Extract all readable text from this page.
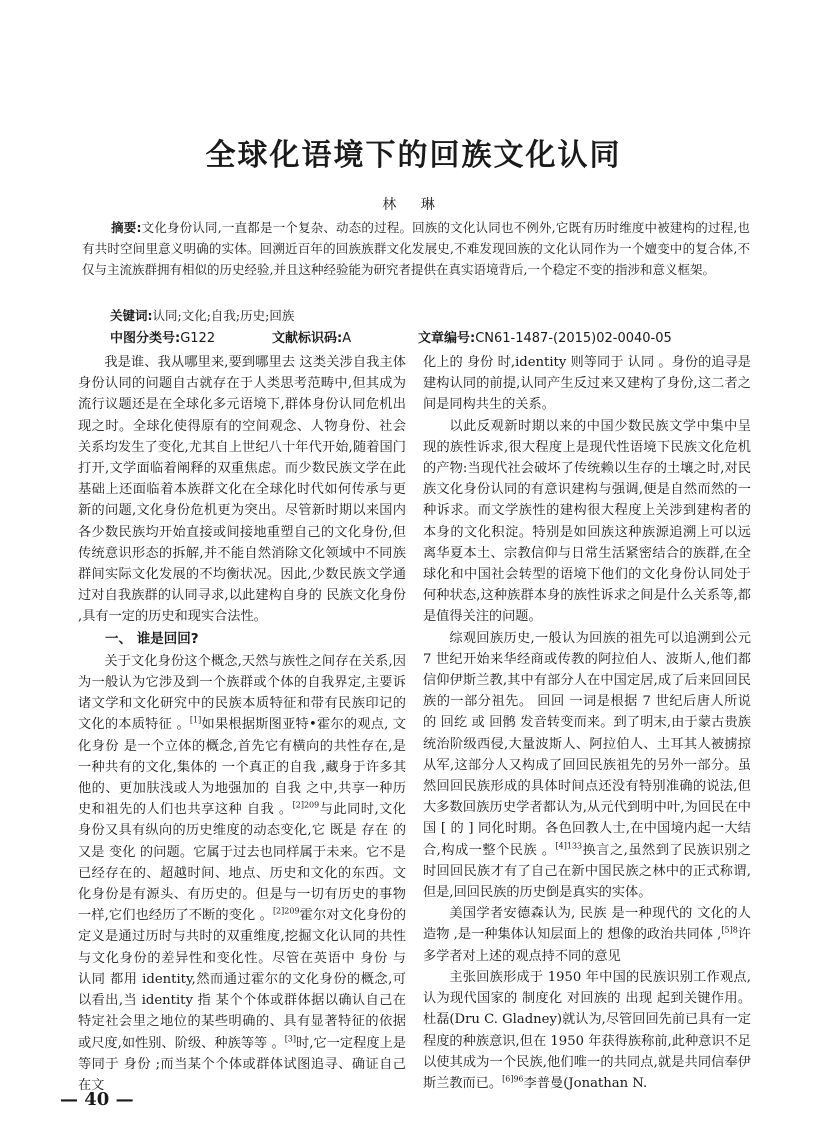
全球化语境下的回族文化认同
林 琳
摘要:文化身份认同,一直都是一个复杂、动态的过程。回族的文化认同也不例外,它既有历时维度中被建构的过程,也有共时空间里意义明确的实体。回溯近百年的回族族群文化发展史,不难发现回族的文化认同作为一个嬗变中的复合体,不仅与主流族群拥有相似的历史经验,并且这种经验能为研究者提供在真实语境背后,一个稳定不变的指涉和意义框架。
关键词:认同;文化;自我;历史;回族
中图分类号:G122	文献标识码:A	文章编号:CN61-1487-(2015)02-0040-05

我是谁、我从哪里来,要到哪里去 这类关涉自我主体身份认同的问题自古就存在于人类思考范畴中,但其成为流行议题还是在全球化多元语境下,群体身份认同危机出现之时。全球化使得原有的空间观念、人物身份、社会关系均发生了变化,尤其自上世纪八十年代开始,随着国门打开,文学面临着阐释的双重焦虑。而少数民族文学在此基础上还面临着本族群文化在全球化时代如何传承与更新的问题,文化身份危机更为突出。尽管新时期以来国内各少数民族均开始直接或间接地重塑自己的文化身份,但传统意识形态的拆解,并不能自然消除文化领域中不同族群间实际文化发展的不均衡状况。因此,少数民族文学通过对自我族群的认同寻求,以此建构自身的 民族文化身份 ,具有一定的历史和现实合法性。

一、 谁是回回?

关于文化身份这个概念,天然与族性之间存在关系,因为一般认为它涉及到一个族群或个体的自我界定,主要诉诸文学和文化研究中的民族本质特征和带有民族印记的文化的本质特征 。[1]如果根据斯图亚特•霍尔的观点, 文化身份 是一个立体的概念,首先它有横向的共性存在,是 一种共有的文化,集体的 一个真正的自我 ,藏身于许多其他的、更加肤浅或人为地强加的 自我 之中,共享一种历史和祖先的人们也共享这种 自我 。$^{[2]209}$与此同时,文化身份又具有纵向的历史维度的动态变化,它 既是 存在 的又是 变化 的问题。它属于过去也同样属于未来。它不是已经存在的、超越时间、地点、历史和文化的东西。文化身份是有源头、有历史的。但是与一切有历史的事物一样,它们也经历了不断的变化 。$^{[2]209}$霍尔对文化身份的定义是通过历时与共时的双重维度,挖掘文化认同的共性与文化身份的差异性和变化性。尽管在英语中 身份 与 认同 都用 identity,然而通过霍尔的文化身份的概念,可以看出,当 identity 指 某个个体或群体据以确认自己在特定社会里之地位的某些明确的、具有显著特征的依据或尺度,如性别、阶级、种族等等 。[3]时,它一定程度上是等同于 身份 ;而当某个个体或群体试图追寻、确证自己在文

化上的 身份 时,identity 则等同于 认同 。身份的追寻是建构认同的前提,认同产生反过来又建构了身份,这二者之间是同构共生的关系。

以此反观新时期以来的中国少数民族文学中集中呈现的族性诉求,很大程度上是现代性语境下民族文化危机的产物:当现代社会破坏了传统赖以生存的土壤之时,对民族文化身份认同的有意识建构与强调,便是自然而然的一种诉求。而文学族性的建构很大程度上关涉到建构者的本身的文化积淀。特别是如回族这种族源追溯上可以远离华夏本土、宗教信仰与日常生活紧密结合的族群,在全球化和中国社会转型的语境下他们的文化身份认同处于何种状态,这种族群本身的族性诉求之间是什么关系等,都是值得关注的问题。

综观回族历史,一般认为回族的祖先可以追溯到公元 7 世纪开始来华经商或传教的阿拉伯人、波斯人,他们都信仰伊斯兰教,其中有部分人在中国定居,成了后来回回民族的一部分祖先。 回回 一词是根据 7 世纪后唐人所说的 回纥 或 回鹘 发音转变而来。到了明末,由于蒙古贵族统治阶级西侵,大量波斯人、阿拉伯人、土耳其人被掳掠从军,这部分人又构成了回回民族祖先的另外一部分。虽然回回民族形成的具体时间点还没有特别准确的说法,但大多数回族历史学者都认为,从元代到明中叶,为回民在中国 [ 的 ] 同化时期。各色回教人士,在中国境内起一大结合,构成一整个民族 。$^{[4]133}$换言之,虽然到了民族识别之时回回民族才有了自己在新中国民族之林中的正式称谓,但是,回回民族的历史倒是真实的实体。

美国学者安德森认为, 民族 是一种现代的 文化的人造物 ,是一种集体认知层面上的 想像的政治共同体 ,$^{[5]8}$许多学者对上述的观点持不同的意见

主张回族形成于 1950 年中国的民族识别工作观点,认为现代国家的 制度化 对回族的 出现 起到关键作用。杜磊(Dru C. Gladney)就认为,尽管回回先前已具有一定程度的种族意识,但在 1950 年获得族称前,此种意识不足以使其成为一个民族,他们唯一的共同点,就是共同信奉伊斯兰教而已。$^{[6]96}$李普曼(Jonathan N.

— 40 —
